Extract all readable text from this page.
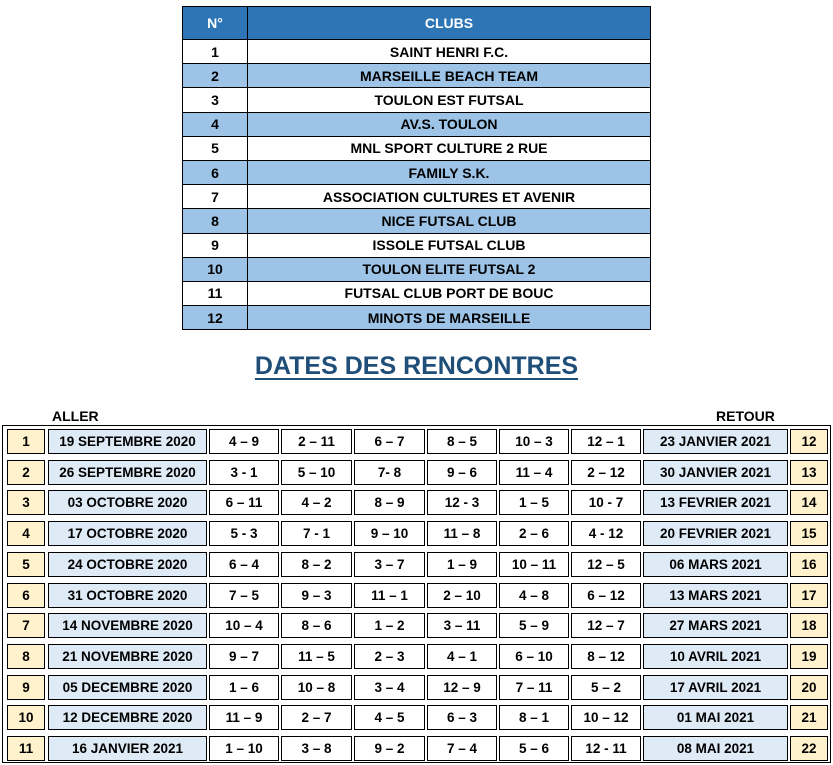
N°	CLUBS
1	SAINT HENRI F.C.
2	MARSEILLE BEACH TEAM
3	TOULON EST FUTSAL
4	AV.S. TOULON
5	MNL SPORT CULTURE 2 RUE
6	FAMILY S.K.
7	ASSOCIATION CULTURES ET AVENIR
8	NICE FUTSAL CLUB
9	ISSOLE FUTSAL CLUB
10	TOULON ELITE FUTSAL 2
11	FUTSAL CLUB PORT DE BOUC
12	MINOTS DE MARSEILLE
DATES DES RENCONTRES
ALLER	RETOUR
1	19 SEPTEMBRE 2020	4 – 9	2 – 11	6 – 7	8 – 5	10 – 3	12 – 1	23 JANVIER 2021	12
2	26 SEPTEMBRE 2020	3 - 1	5 – 10	7- 8	9 – 6	11 – 4	2 – 12	30 JANVIER 2021	13
3	03 OCTOBRE 2020	6 – 11	4 – 2	8 – 9	12 - 3	1 – 5	10 - 7	13 FEVRIER 2021	14
4	17 OCTOBRE 2020	5 - 3	7 - 1	9 – 10	11 – 8	2 – 6	4 - 12	20 FEVRIER 2021	15
5	24 OCTOBRE 2020	6 – 4	8 – 2	3 – 7	1 – 9	10 – 11	12 – 5	06 MARS 2021	16
6	31 OCTOBRE 2020	7 – 5	9 – 3	11 – 1	2 – 10	4 – 8	6 – 12	13 MARS 2021	17
7	14 NOVEMBRE 2020	10 – 4	8 – 6	1 – 2	3 – 11	5 – 9	12 – 7	27 MARS 2021	18
8	21 NOVEMBRE 2020	9 – 7	11 – 5	2 – 3	4 – 1	6 – 10	8 – 12	10 AVRIL 2021	19
9	05 DECEMBRE 2020	1 – 6	10 – 8	3 – 4	12 – 9	7 – 11	5 – 2	17 AVRIL 2021	20
10	12 DECEMBRE 2020	11 – 9	2 – 7	4 – 5	6 – 3	8 – 1	10 – 12	01 MAI 2021	21
11	16 JANVIER 2021	1 – 10	3 – 8	9 – 2	7 – 4	5 – 6	12 - 11	08 MAI 2021	22
